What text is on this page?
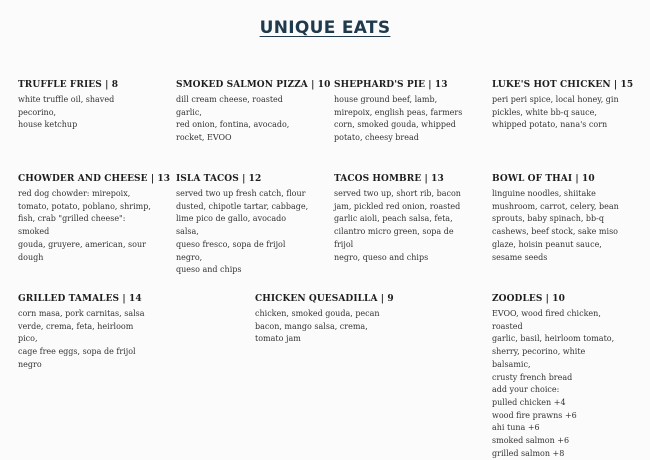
UNIQUE EATS
TRUFFLE FRIES | 8
white truffle oil, shaved pecorino,
house ketchup
SMOKED SALMON PIZZA | 10
dill cream cheese, roasted garlic,
red onion, fontina, avocado,
rocket, EVOO
SHEPHARD'S PIE | 13
house ground beef, lamb,
mirepoix, english peas, farmers
corn, smoked gouda, whipped
potato, cheesy bread
LUKE'S HOT CHICKEN | 15
peri peri spice, local honey, gin
pickles, white bb-q sauce,
whipped potato, nana's corn
CHOWDER AND CHEESE | 13
red dog chowder: mirepoix,
tomato, potato, poblano, shrimp,
fish, crab "grilled cheese": smoked
gouda, gruyere, american, sour
dough
ISLA TACOS | 12
served two up fresh catch, flour
dusted, chipotle tartar, cabbage,
lime pico de gallo, avocado salsa,
queso fresco, sopa de frijol negro,
queso and chips
TACOS HOMBRE | 13
served two up, short rib, bacon
jam, pickled red onion, roasted
garlic aioli, peach salsa, feta,
cilantro micro green, sopa de frijol
negro, queso and chips
BOWL OF THAI | 10
linguine noodles, shiitake
mushroom, carrot, celery, bean
sprouts, baby spinach, bb-q
cashews, beef stock, sake miso
glaze, hoisin peanut sauce,
sesame seeds
GRILLED TAMALES | 14
corn masa, pork carnitas, salsa
verde, crema, feta, heirloom pico,
cage free eggs, sopa de frijol
negro
CHICKEN QUESADILLA | 9
chicken, smoked gouda, pecan
bacon, mango salsa, crema,
tomato jam
ZOODLES | 10
EVOO, wood fired chicken, roasted
garlic, basil, heirloom tomato,
sherry, pecorino, white balsamic,
crusty french bread
add your choice:
pulled chicken +4
wood fire prawns +6
ahi tuna +6
smoked salmon +6
grilled salmon +8
